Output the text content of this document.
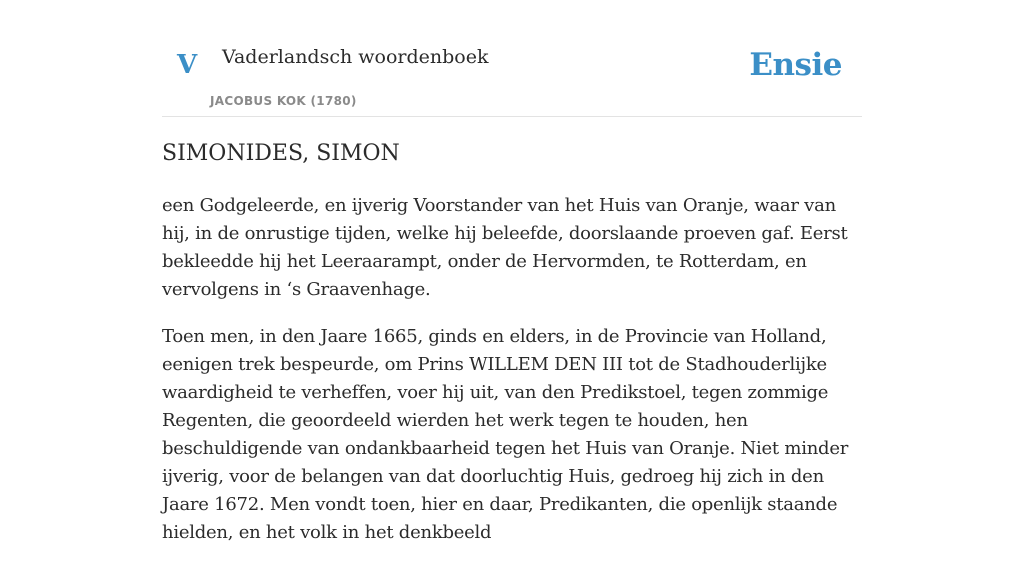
V Vaderlandsch woordenboek
JACOBUS KOK (1780)
Ensie
SIMONIDES, SIMON

een Godgeleerde, en ijverig Voorstander van het Huis van Oranje, waar van hij, in de onrustige tijden, welke hij beleefde, doorslaande proeven gaf. Eerst bekleedde hij het Leeraarampt, onder de Hervormden, te Rotterdam, en vervolgens in ‘s Graavenhage.

Toen men, in den Jaare 1665, ginds en elders, in de Provincie van Holland, eenigen trek bespeurde, om Prins WILLEM DEN III tot de Stadhouderlijke waardigheid te verheffen, voer hij uit, van den Predikstoel, tegen zommige Regenten, die geoordeeld wierden het werk tegen te houden, hen beschuldigende van ondankbaarheid tegen het Huis van Oranje. Niet minder ijverig, voor de belangen van dat doorluchtig Huis, gedroeg hij zich in den Jaare 1672. Men vondt toen, hier en daar, Predikanten, die openlijk staande hielden, en het volk in het denkbeeld
